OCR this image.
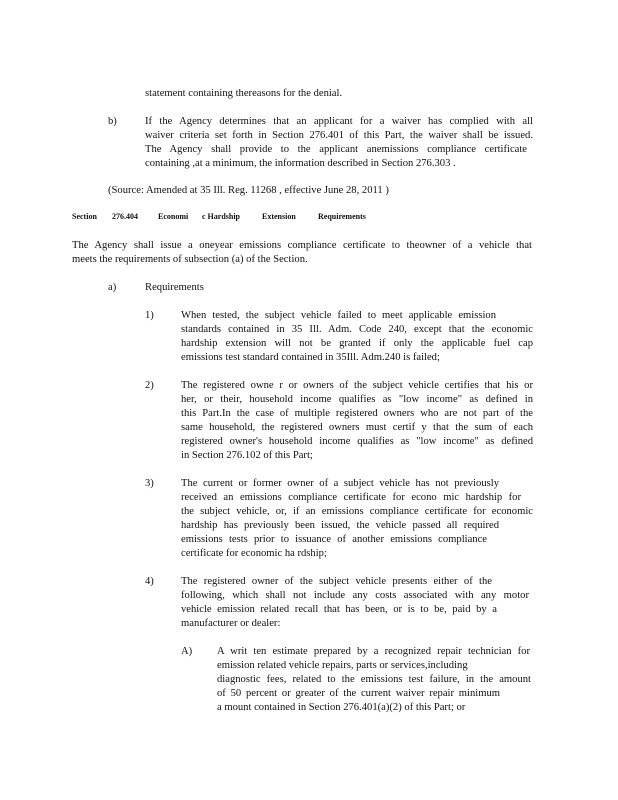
statement containing thereasons for the denial.
b)	If the Agency determines that an applicant for a waiver has complied with all
waiver criteria set forth in Section 276.401 of this Part, the waiver shall be issued.
The Agency shall provide to the applicant anemissions compliance certificate
containing ,at a minimum, the information described in Section 276.303 .
(Source: Amended at 35 Ill. Reg. 11268 , effective June 28, 2011 )
Section 276.404	Economi c Hardship	Extension	Requirements
The Agency shall issue a oneyear emissions compliance certificate to theowner of a vehicle that
meets the requirements of subsection (a) of the Section.
a)	Requirements
1)	When tested, the subject vehicle failed to meet applicable emission
standards contained in 35 Ill. Adm. Code 240, except that the economic
hardship extension will not be granted if only the applicable fuel cap
emissions test standard contained in 35Ill. Adm.240 is failed;
2)	The registered owne r or owners of the subject vehicle certifies that his or
her, or their, household income qualifies as "low income" as defined in
this Part.In the case of multiple registered owners who are not part of the
same household, the registered owners must certif y that the sum of each
registered owner's household income qualifies as "low income" as defined
in Section 276.102 of this Part;
3)	The current or former owner of a subject vehicle has not previously
received an emissions compliance certificate for econo mic hardship for
the subject vehicle, or, if an emissions compliance certificate for economic
hardship has previously been issued, the vehicle passed all required
emissions tests prior to issuance of another emissions compliance
certificate for economic ha rdship;
4)	The registered owner of the subject vehicle presents either of the
following, which shall not include any costs associated with any motor
vehicle emission related recall that has been, or is to be, paid by a
manufacturer or dealer:
A) A writ ten estimate prepared by a recognized repair technician for
emission related vehicle repairs, parts or services,including
diagnostic fees, related to the emissions test failure, in the amount
of 50 percent or greater of the current waiver repair minimum
a mount contained in Section 276.401(a)(2) of this Part; or
